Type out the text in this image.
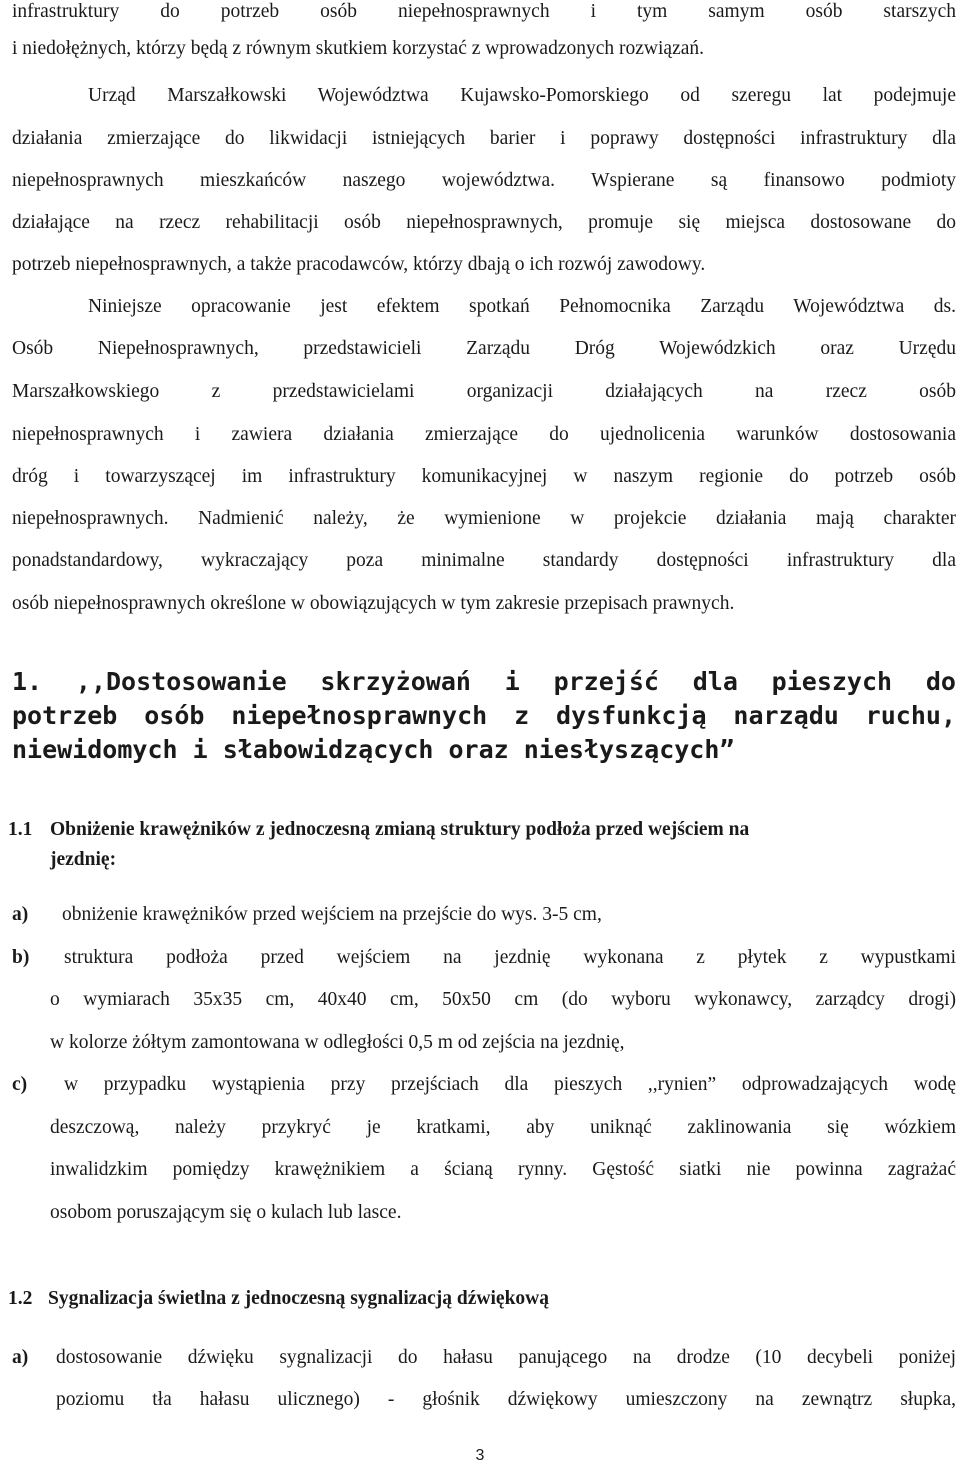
infrastruktury do potrzeb osób niepełnosprawnych i tym samym osób starszych
i niedołężnych, którzy będą z równym skutkiem korzystać z wprowadzonych rozwiązań.
Urząd Marszałkowski Województwa Kujawsko-Pomorskiego od szeregu lat podejmuje
działania zmierzające do likwidacji istniejących barier i poprawy dostępności infrastruktury dla
niepełnosprawnych mieszkańców naszego województwa. Wspierane są finansowo podmioty
działające na rzecz rehabilitacji osób niepełnosprawnych, promuje się miejsca dostosowane do
potrzeb niepełnosprawnych, a także pracodawców, którzy dbają o ich rozwój zawodowy.
Niniejsze opracowanie jest efektem spotkań Pełnomocnika Zarządu Województwa ds.
Osób Niepełnosprawnych, przedstawicieli Zarządu Dróg Wojewódzkich oraz Urzędu
Marszałkowskiego z przedstawicielami organizacji działających na rzecz osób
niepełnosprawnych i zawiera działania zmierzające do ujednolicenia warunków dostosowania
dróg i towarzyszącej im infrastruktury komunikacyjnej w naszym regionie do potrzeb osób
niepełnosprawnych. Nadmienić należy, że wymienione w projekcie działania mają charakter
ponadstandardowy, wykraczający poza minimalne standardy dostępności infrastruktury dla
osób niepełnosprawnych określone w obowiązujących w tym zakresie przepisach prawnych.
1. ,,Dostosowanie skrzyżowań i przejść dla pieszych do
potrzeb osób niepełnosprawnych z dysfunkcją narządu ruchu,
niewidomych i słabowidzących oraz niesłyszących”
1.1 Obniżenie krawężników z jednoczesną zmianą struktury podłoża przed wejściem na
jezdnię:
a) obniżenie krawężników przed wejściem na przejście do wys. 3-5 cm,
b) struktura podłoża przed wejściem na jezdnię wykonana z płytek z wypustkami
o wymiarach 35x35 cm, 40x40 cm, 50x50 cm (do wyboru wykonawcy, zarządcy drogi)
w kolorze żółtym zamontowana w odległości 0,5 m od zejścia na jezdnię,
c) w przypadku wystąpienia przy przejściach dla pieszych ,,rynien” odprowadzających wodę
deszczową, należy przykryć je kratkami, aby uniknąć zaklinowania się wózkiem
inwalidzkim pomiędzy krawężnikiem a ścianą rynny. Gęstość siatki nie powinna zagrażać
osobom poruszającym się o kulach lub lasce.
1.2 Sygnalizacja świetlna z jednoczesną sygnalizacją dźwiękową
a) dostosowanie dźwięku sygnalizacji do hałasu panującego na drodze (10 decybeli poniżej
poziomu tła hałasu ulicznego) - głośnik dźwiękowy umieszczony na zewnątrz słupka,
3
